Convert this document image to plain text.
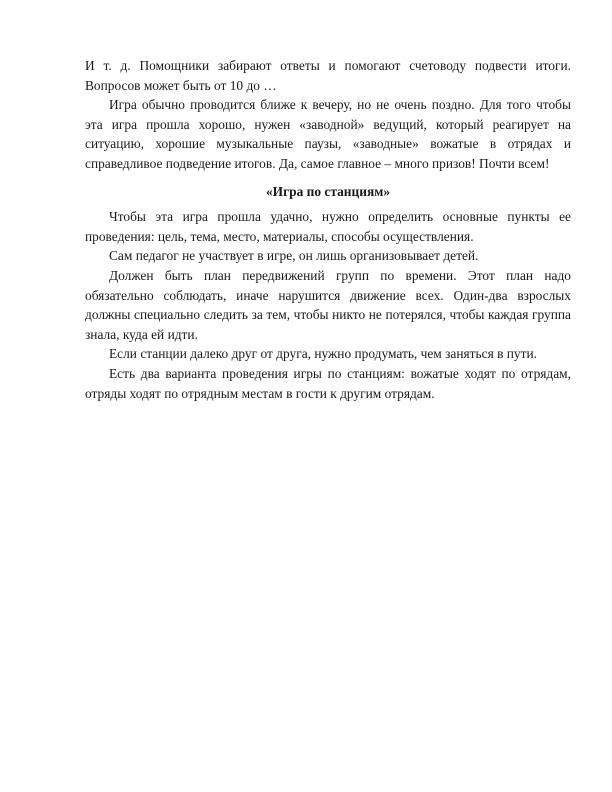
И т. д. Помощники забирают ответы и помогают счетоводу подвести итоги. Вопросов может быть от 10 до …

Игра обычно проводится ближе к вечеру, но не очень поздно. Для того чтобы эта игра прошла хорошо, нужен «заводной» ведущий, который реагирует на ситуацию, хорошие музыкальные паузы, «заводные» вожатые в отрядах и справедливое подведение итогов. Да, самое главное – много призов! Почти всем!

«Игра по станциям»

Чтобы эта игра прошла удачно, нужно определить основные пункты ее проведения: цель, тема, место, материалы, способы осуществления.

Сам педагог не участвует в игре, он лишь организовывает детей.

Должен быть план передвижений групп по времени. Этот план надо обязательно соблюдать, иначе нарушится движение всех. Один-два взрослых должны специально следить за тем, чтобы никто не потерялся, чтобы каждая группа знала, куда ей идти.

Если станции далеко друг от друга, нужно продумать, чем заняться в пути.

Есть два варианта проведения игры по станциям: вожатые ходят по отрядам, отряды ходят по отрядным местам в гости к другим отрядам.
